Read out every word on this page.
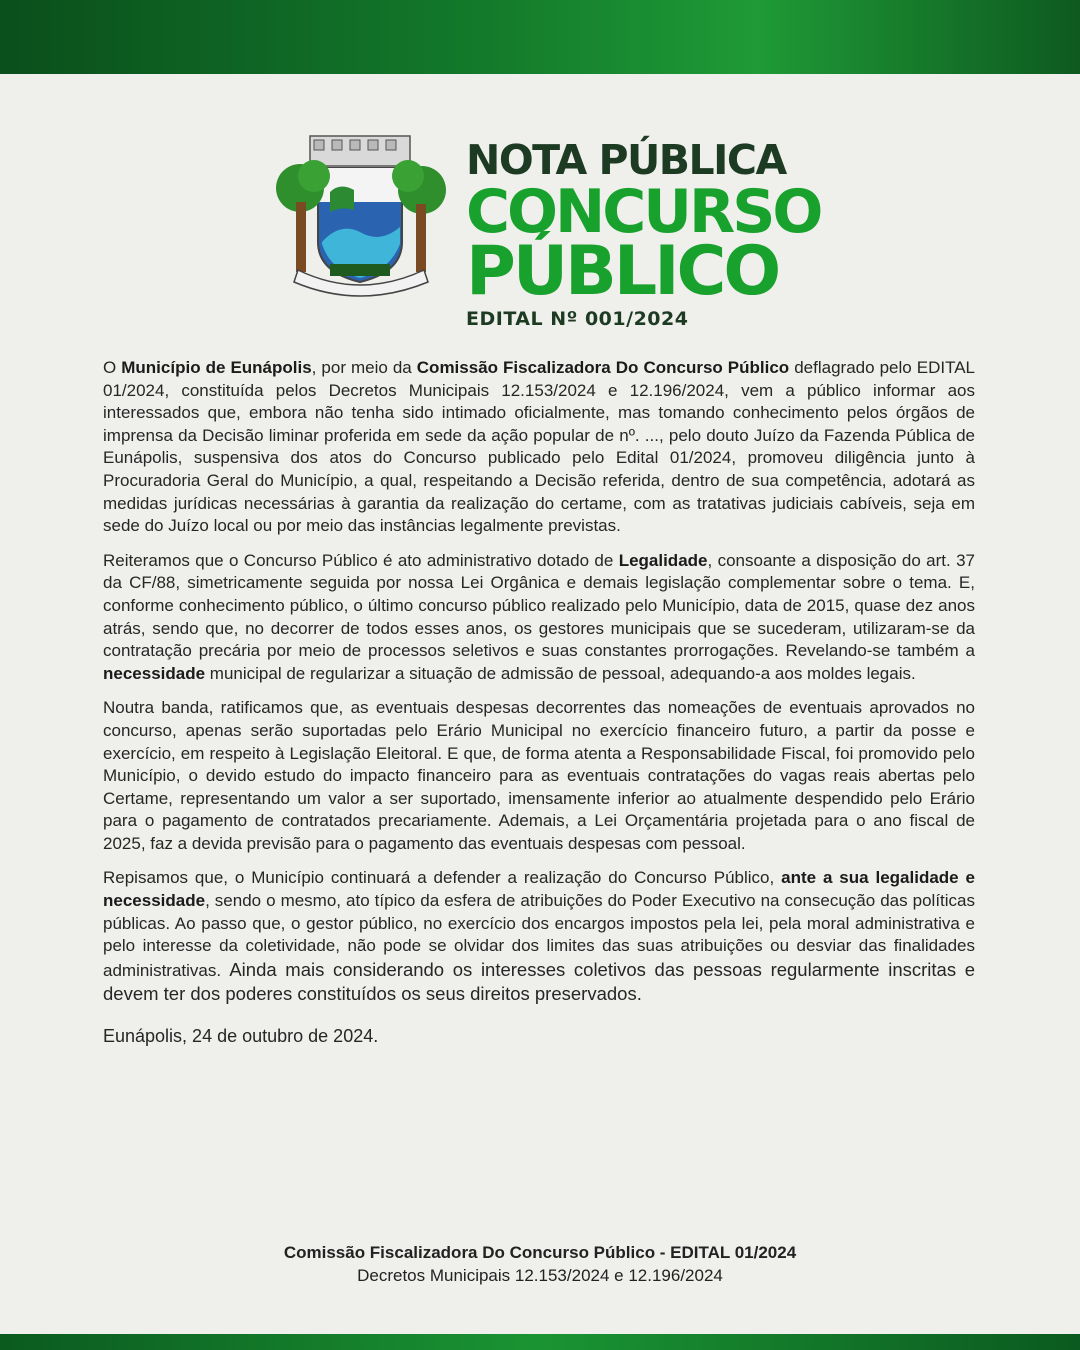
NOTA PÚBLICA
CONCURSO
PÚBLICO
EDITAL Nº 001/2024

O Município de Eunápolis, por meio da Comissão Fiscalizadora Do Concurso Público deflagrado pelo EDITAL 01/2024, constituída pelos Decretos Municipais 12.153/2024 e 12.196/2024, vem a público informar aos interessados que, embora não tenha sido intimado oficialmente, mas tomando conhecimento pelos órgãos de imprensa da Decisão liminar proferida em sede da ação popular de nº. ..., pelo douto Juízo da Fazenda Pública de Eunápolis, suspensiva dos atos do Concurso publicado pelo Edital 01/2024, promoveu diligência junto à Procuradoria Geral do Município, a qual, respeitando a Decisão referida, dentro de sua competência, adotará as medidas jurídicas necessárias à garantia da realização do certame, com as tratativas judiciais cabíveis, seja em sede do Juízo local ou por meio das instâncias legalmente previstas.

Reiteramos que o Concurso Público é ato administrativo dotado de Legalidade, consoante a disposição do art. 37 da CF/88, simetricamente seguida por nossa Lei Orgânica e demais legislação complementar sobre o tema. E, conforme conhecimento público, o último concurso público realizado pelo Município, data de 2015, quase dez anos atrás, sendo que, no decorrer de todos esses anos, os gestores municipais que se sucederam, utilizaram-se da contratação precária por meio de processos seletivos e suas constantes prorrogações. Revelando-se também a necessidade municipal de regularizar a situação de admissão de pessoal, adequando-a aos moldes legais.

Noutra banda, ratificamos que, as eventuais despesas decorrentes das nomeações de eventuais aprovados no concurso, apenas serão suportadas pelo Erário Municipal no exercício financeiro futuro, a partir da posse e exercício, em respeito à Legislação Eleitoral. E que, de forma atenta a Responsabilidade Fiscal, foi promovido pelo Município, o devido estudo do impacto financeiro para as eventuais contratações do vagas reais abertas pelo Certame, representando um valor a ser suportado, imensamente inferior ao atualmente despendido pelo Erário para o pagamento de contratados precariamente. Ademais, a Lei Orçamentária projetada para o ano fiscal de 2025, faz a devida previsão para o pagamento das eventuais despesas com pessoal.

Repisamos que, o Município continuará a defender a realização do Concurso Público, ante a sua legalidade e necessidade, sendo o mesmo, ato típico da esfera de atribuições do Poder Executivo na consecução das políticas públicas. Ao passo que, o gestor público, no exercício dos encargos impostos pela lei, pela moral administrativa e pelo interesse da coletividade, não pode se olvidar dos limites das suas atribuições ou desviar das finalidades administrativas. Ainda mais considerando os interesses coletivos das pessoas regularmente inscritas e devem ter dos poderes constituídos os seus direitos preservados.

Eunápolis, 24 de outubro de 2024.

Comissão Fiscalizadora Do Concurso Público - EDITAL 01/2024
Decretos Municipais 12.153/2024 e 12.196/2024
